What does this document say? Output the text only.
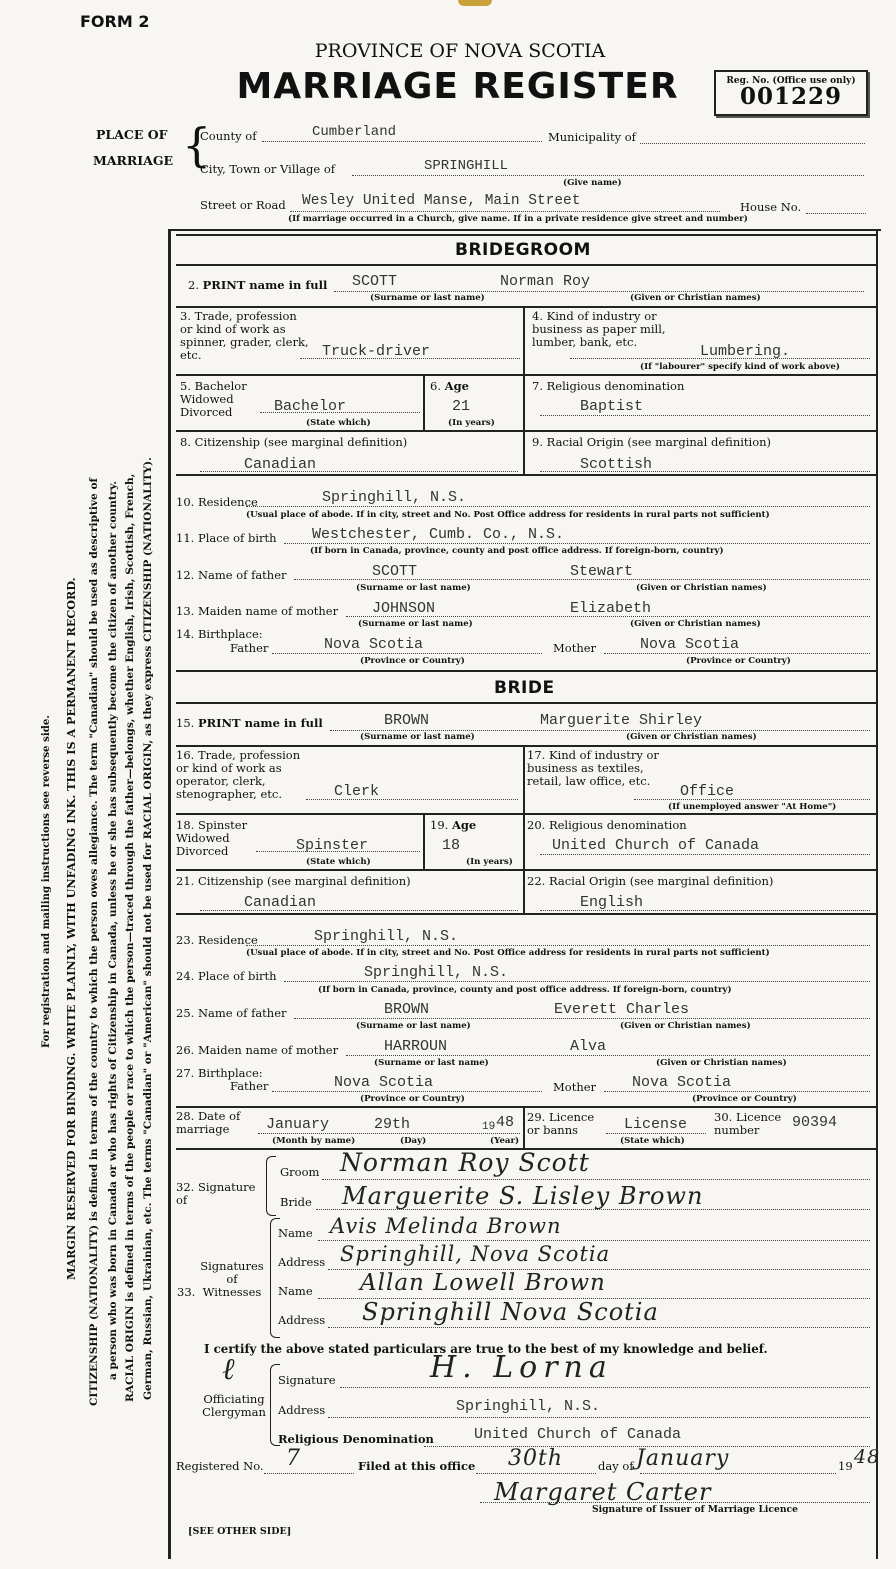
FORM 2
PROVINCE OF NOVA SCOTIA
MARRIAGE REGISTER	Reg. No. (Office use only)
001229
PLACE OF
MARRIAGE {
County of	Cumberland	Municipality of
City, Town or Village of	SPRINGHILL
(Give name)
Street or Road Wesley United Manse, Main Street	House No.
(If marriage occurred in a Church, give name. If in a private residence give street and number)
For registration and mailing instructions see reverse side. MARGIN RESERVED FOR BINDING. WRITE PLAINLY, WITH UNFADING INK. THIS IS A PERMANENT RECORD. CITIZENSHIP (NATIONALITY) is defined in terms of the country to which the person owes allegiance. The term "Canadian" should be used as descriptive of a person who was born in Canada or who has rights of Citizenship in Canada, unless he or she has subsequently become the citizen of another country. RACIAL ORIGIN is defined in terms of the people or race to which the person—traced through the father—belongs, whether English, Irish, Scottish, French, German, Russian, Ukrainian, etc. The terms "Canadian" or "American" should not be used for RACIAL ORIGIN, as they express CITIZENSHIP (NATIONALITY).
BRIDEGROOM
2. PRINT name in full SCOTT	Norman Roy
(Surname or last name)	(Given or Christian names)
3. Trade, profession or kind of work as spinner, grader, clerk, etc.	Truck-driver
4. Kind of industry or business as paper mill, lumber, bank, etc.
Lumbering.
(If "labourer" specify kind of work above)
5. Bachelor Widowed Divorced	Bachelor
(State which)
6. Age
21
(In years)
7. Religious denomination
Baptist
8. Citizenship (see marginal definition)
Canadian
9. Racial Origin (see marginal definition)
Scottish
10. Residence	Springhill, N.S.
(Usual place of abode. If in city, street and No. Post Office address for residents in rural parts not sufficient)
11. Place of birth Westchester, Cumb. Co., N.S.
(If born in Canada, province, county and post office address. If foreign-born, country)
12. Name of father	SCOTT	Stewart
(Surname or last name)	(Given or Christian names)
13. Maiden name of mother JOHNSON	Elizabeth
(Surname or last name)	(Given or Christian names)
14. Birthplace:
Father	Nova Scotia
(Province or Country)
Mother	Nova Scotia
(Province or Country)
BRIDE
15. PRINT name in full	BROWN	Marguerite Shirley
(Surname or last name)	(Given or Christian names)
16. Trade, profession or kind of work as operator, clerk, stenographer, etc.	Clerk
17. Kind of industry or business as textiles, retail, law office, etc.
Office
(If unemployed answer "At Home")
18. Spinster Widowed Divorced	Spinster
(State which)
19. Age
18
(In years)
20. Religious denomination
United Church of Canada
21. Citizenship (see marginal definition)
Canadian
22. Racial Origin (see marginal definition)
English
23. Residence	Springhill, N.S.
(Usual place of abode. If in city, street and No. Post Office address for residents in rural parts not sufficient)
24. Place of birth	Springhill, N.S.
(If born in Canada, province, county and post office address. If foreign-born, country)
25. Name of father	BROWN	Everett Charles
(Surname or last name)	(Given or Christian names)
26. Maiden name of mother	HARROUN	Alva
(Surname or last name)	(Given or Christian names)
27. Birthplace:
Father	Nova Scotia
(Province or Country)
Mother Nova Scotia
(Province or Country)
28. Date of marriage	January	29th	19 48
(Month by name)	(Day)	(Year)
29. Licence or banns	License
(State which)
30. Licence number	90394
32. Signature of
Groom Norman Roy Scott
Bride Marguerite S. Lisley Brown
33. Signatures of Witnesses
Name Avis Melinda Brown
Address Springhill, Nova Scotia
Name Allan Lowell Brown
Address Springhill Nova Scotia
I certify the above stated particulars are true to the best of my knowledge and belief.
ℓ
Officiating Clergyman
Signature	H. Lorna
Address	Springhill, N.S.
Religious Denomination	United Church of Canada
Registered No. 7	Filed at this office 30th	day of January	19 48
Margaret Carter
Signature of Issuer of Marriage Licence
[SEE OTHER SIDE]
